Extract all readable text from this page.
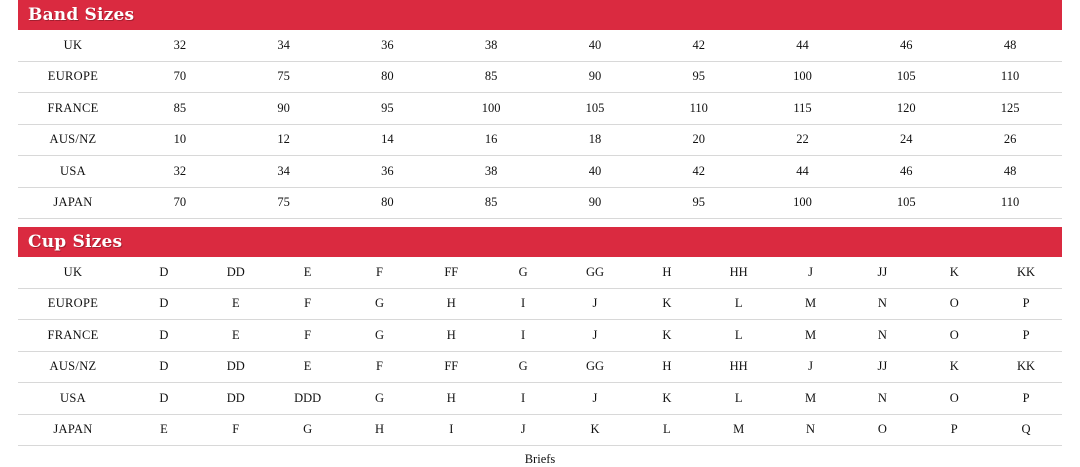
Band Sizes
UK	32	34	36	38	40	42	44	46	48
EUROPE	70	75	80	85	90	95	100	105	110
FRANCE	85	90	95	100	105	110	115	120	125
AUS/NZ	10	12	14	16	18	20	22	24	26
USA	32	34	36	38	40	42	44	46	48
JAPAN	70	75	80	85	90	95	100	105	110
Cup Sizes
UK	D	DD	E	F	FF	G	GG	H	HH	J	JJ	K	KK
EUROPE	D	E	F	G	H	I	J	K	L	M	N	O	P
FRANCE	D	E	F	G	H	I	J	K	L	M	N	O	P
AUS/NZ	D	DD	E	F	FF	G	GG	H	HH	J	JJ	K	KK
USA	D	DD	DDD	G	H	I	J	K	L	M	N	O	P
JAPAN	E	F	G	H	I	J	K	L	M	N	O	P	Q
Briefs
